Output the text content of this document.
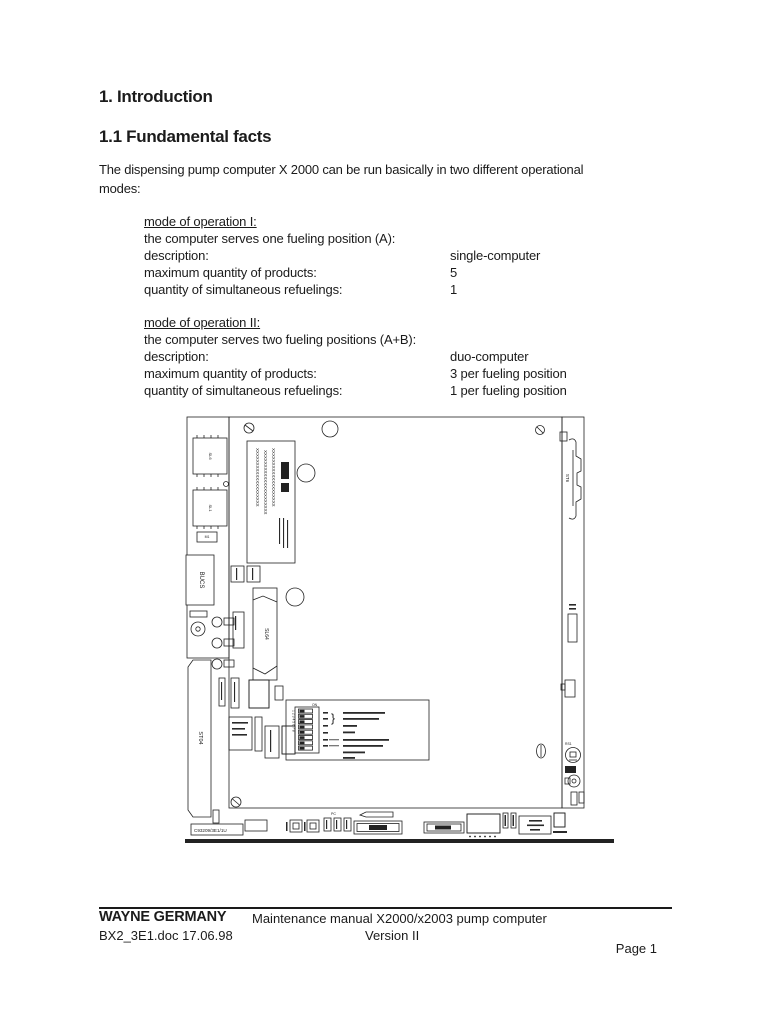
1. Introduction
1.1 Fundamental facts
The dispensing pump computer X 2000 can be run basically in two different operational modes:
mode of operation I:
the computer serves one fueling position (A):
description:	single-computer
maximum quantity of products:	5
quantity of simultaneous refuelings:	1
mode of operation II:
the computer serves two fueling positions (A+B):
description:	duo-computer
maximum quantity of products:	3 per fueling position
quantity of simultaneous refuelings:	1 per fueling position
SL6
SL1
M1
BUCS
XXXXXXXXXXXXXXXXXXXX XXXXXXXXXXXXXXXXXXXXXX XXXXXXXXXXXXXXXXXXXX
SL64
1 2 3 4 5 6 7 8
ON
}
ST04
ST6
RS1
C93209/3E1/1U
PC
WAYNE GERMANY Maintenance manual X2000/x2003 pump computer
BX2_3E1.doc 17.06.98	Version II
Page 1
